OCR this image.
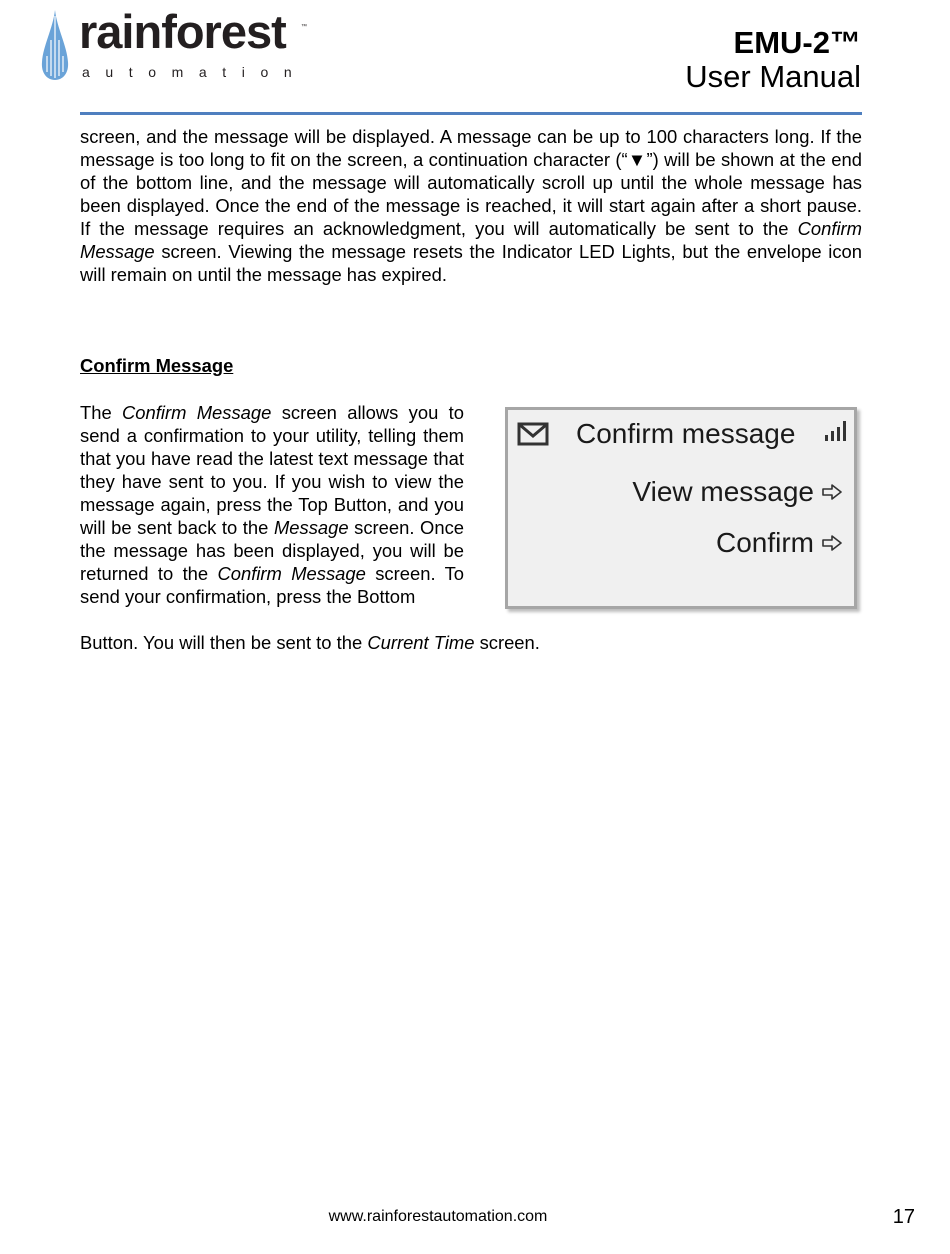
rainforest	™
automation
EMU-2™
User Manual

screen, and the message will be displayed. A message can be up to 100 characters long. If the message is too long to fit on the screen, a continuation character (“▼”) will be shown at the end of the bottom line, and the message will automatically scroll up until the whole message has been displayed. Once the end of the message is reached, it will start again after a short pause. If the message requires an acknowledgment, you will automatically be sent to the Confirm Message screen. Viewing the message resets the Indicator LED Lights, but the envelope icon will remain on until the message has expired.

Confirm Message

The Confirm Message screen allows you to send a confirmation to your utility, telling them that you have read the latest text message that they have sent to you. If you wish to view the message again, press the Top Button, and you will be sent back to the Message screen. Once the message has been displayed, you will be returned to the Confirm Message screen. To send your confirmation, press the Bottom

Button. You will then be sent to the Current Time screen.

Confirm message
View message
Confirm
www.rainforestautomation.com	17
